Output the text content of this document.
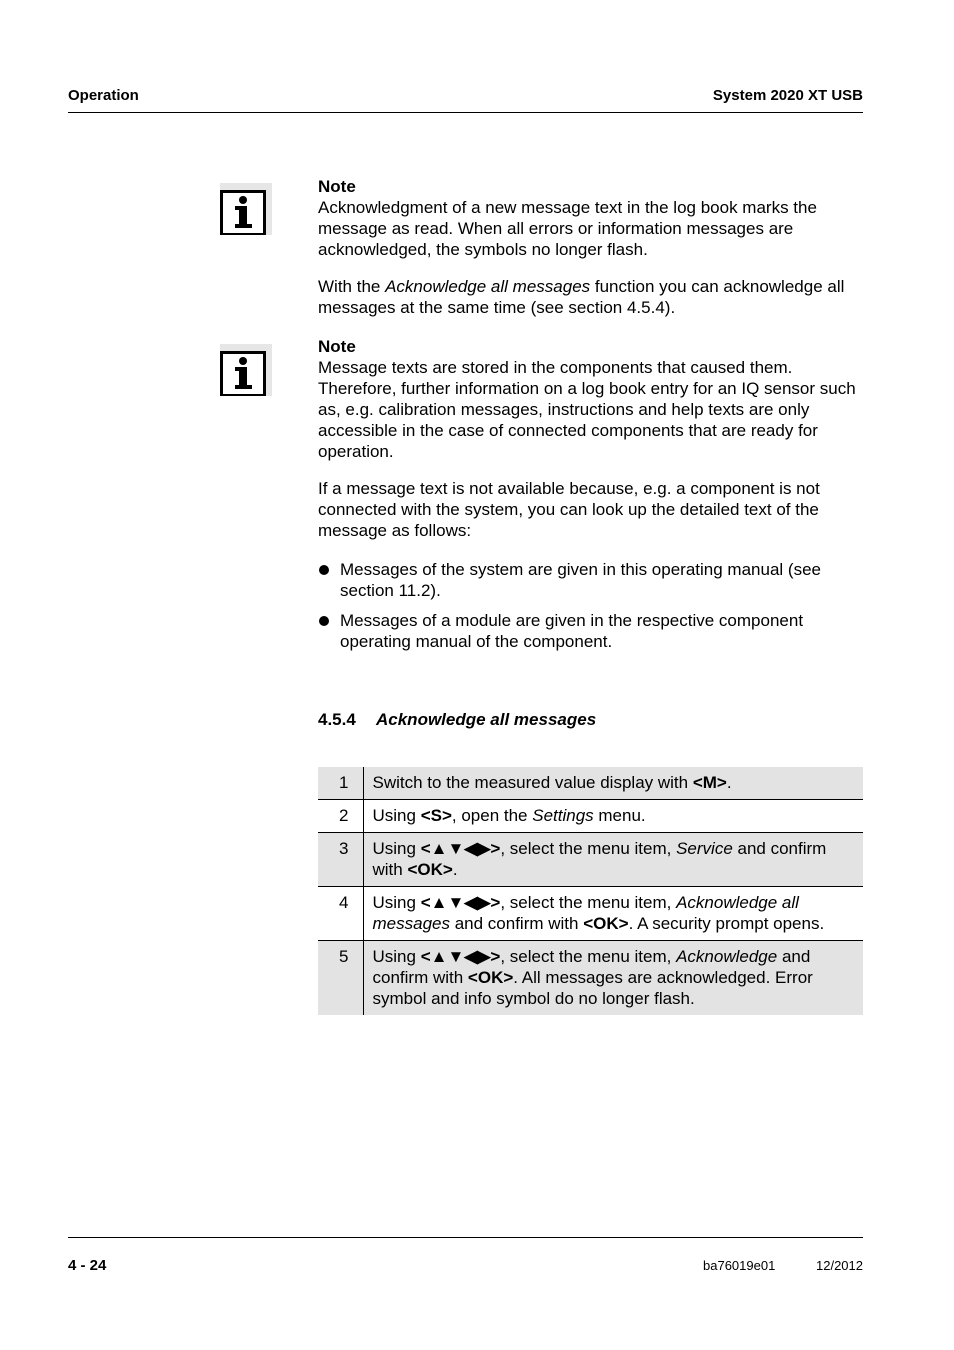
Operation	System 2020 XT USB
Note

Acknowledgment of a new message text in the log book marks the message as read. When all errors or information messages are acknowledged, the symbols no longer flash.

With the Acknowledge all messages function you can acknowledge all messages at the same time (see section 4.5.4).

Note

Message texts are stored in the components that caused them. Therefore, further information on a log book entry for an IQ sensor such as, e.g. calibration messages, instructions and help texts are only accessible in the case of connected components that are ready for operation.

If a message text is not available because, e.g. a component is not connected with the system, you can look up the detailed text of the message as follows:

Messages of the system are given in this operating manual (see section 11.2).
Messages of a module are given in the respective component operating manual of the component.
4.5.4 Acknowledge all messages
1	Switch to the measured value display with <M>.
2	Using <S>, open the Settings menu.
3	Using <▲▼◀▶>, select the menu item, Service and confirm with <OK>.
4	Using <▲▼◀▶>, select the menu item, Acknowledge all messages and confirm with <OK>. A security prompt opens.
5	Using <▲▼◀▶>, select the menu item, Acknowledge and confirm with <OK>. All messages are acknowledged. Error symbol and info symbol do no longer flash.
4 - 24	ba76019e01	12/2012
